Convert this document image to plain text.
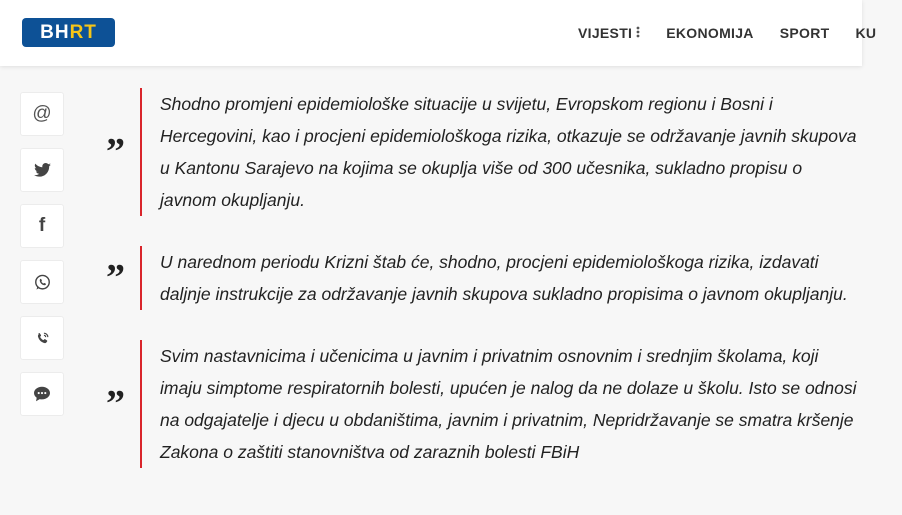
BH RT	VIJESTI EKONOMIJA SPORT KU
@
f
”

Shodno promjeni epidemiološke situacije u svijetu, Evropskom regionu i Bosni i Hercegovini, kao i procjeni epidemiološkoga rizika, otkazuje se održavanje javnih skupova u Kantonu Sarajevo na kojima se okuplja više od 300 učesnika, sukladno propisu o javnom okupljanju.

”	U narednom periodu Krizni štab će, shodno, procjeni epidemiološkoga rizika, izdavati daljnje instrukcije za održavanje javnih skupova sukladno propisima o javnom okupljanju.

”

Svim nastavnicima i učenicima u javnim i privatnim osnovnim i srednjim školama, koji imaju simptome respiratornih bolesti, upućen je nalog da ne dolaze u školu. Isto se odnosi na odgajatelje i djecu u obdaništima, javnim i privatnim, Nepridržavanje se smatra kršenje Zakona o zaštiti stanovništva od zaraznih bolesti FBiH
